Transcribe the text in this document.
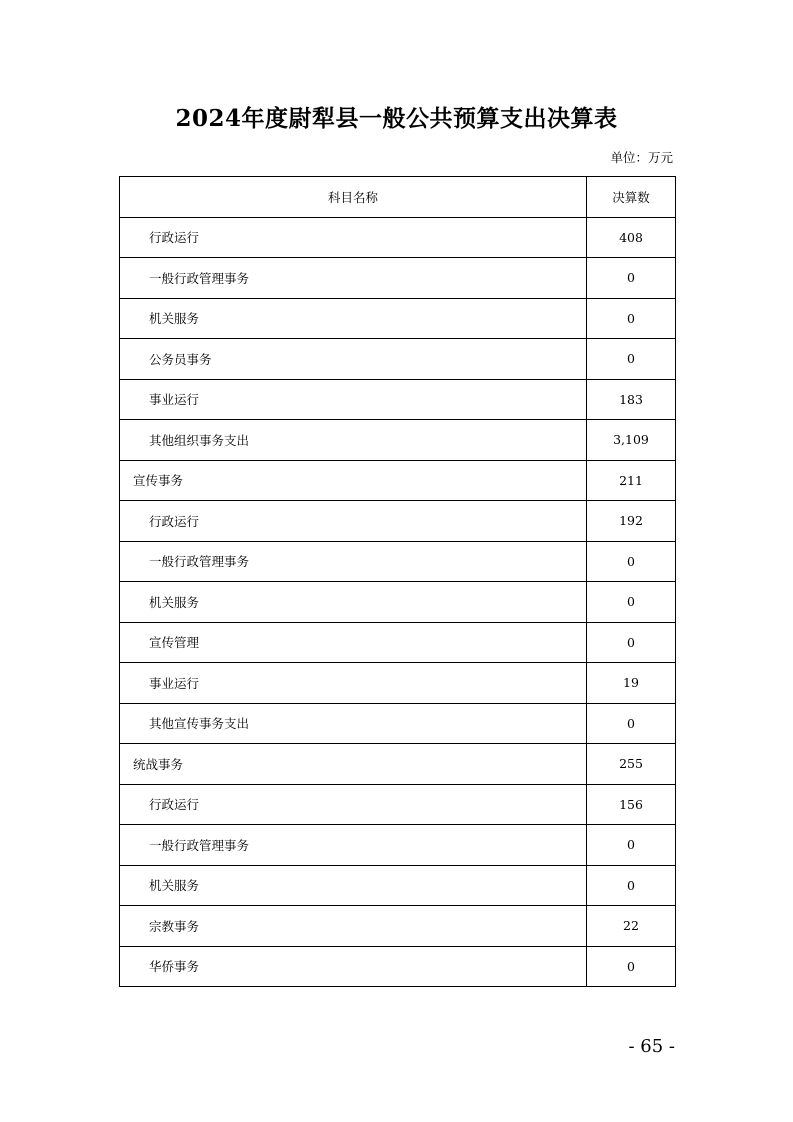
2024年度尉犁县一般公共预算支出决算表
单位：万元
科目名称	决算数
行政运行	408
一般行政管理事务	0
机关服务	0
公务员事务	0
事业运行	183
其他组织事务支出	3,109
宣传事务	211
行政运行	192
一般行政管理事务	0
机关服务	0
宣传管理	0
事业运行	19
其他宣传事务支出	0
统战事务	255
行政运行	156
一般行政管理事务	0
机关服务	0
宗教事务	22
华侨事务	0
- 65 -
